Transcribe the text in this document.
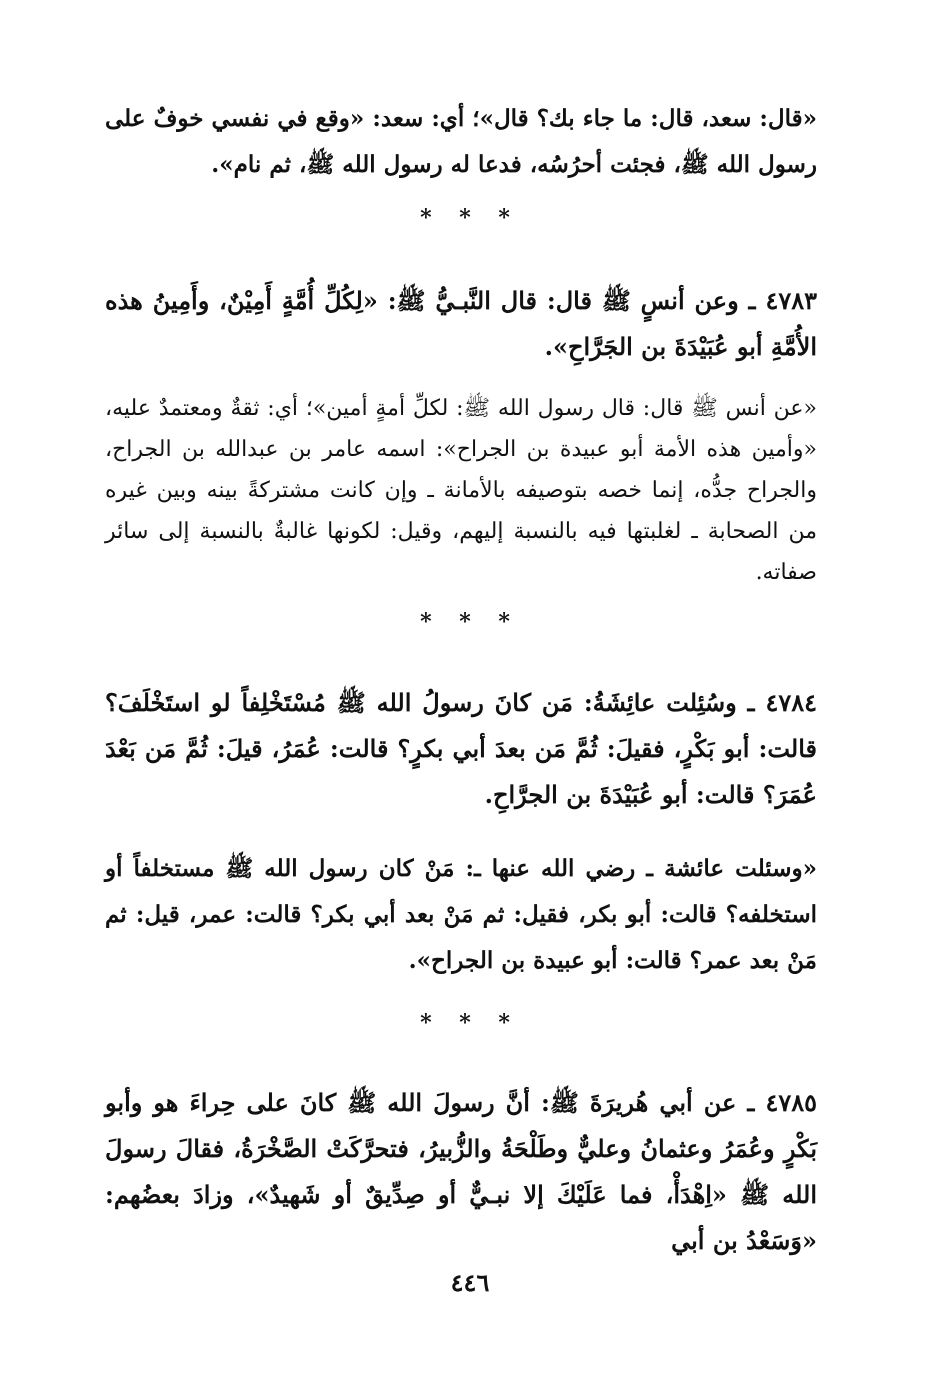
«قال: سعد، قال: ما جاء بك؟ قال»؛ أي: سعد: «وقع في نفسي خوفٌ على رسول الله ﷺ، فجئت أحرُسُه، فدعا له رسول الله ﷺ، ثم نام».
* * *
٤٧٨٣ ـ وعن أنسٍ ﷺ قال: قال النَّبـيُّ ﷺ: «لِكُلِّ أُمَّةٍ أَمِيْنٌ، وأَمِينُ هذه الأُمَّةِ أبو عُبَيْدَةَ بن الجَرَّاحِ».
«عن أنس ﷺ قال: قال رسول الله ﷺ: لكلِّ أمةٍ أمين»؛ أي: ثقةٌ ومعتمدٌ عليه، «وأمين هذه الأمة أبو عبيدة بن الجراح»: اسمه عامر بن عبدالله بن الجراح، والجراح جدُّه، إنما خصه بتوصيفه بالأمانة ـ وإن كانت مشتركةً بينه وبين غيره من الصحابة ـ لغلبتها فيه بالنسبة إليهم، وقيل: لكونها غالبةٌ بالنسبة إلى سائر صفاته.
* * *
٤٧٨٤ ـ وسُئِلت عائِشَةُ: مَن كانَ رسولُ الله ﷺ مُسْتَخْلِفاً لو استَخْلَفَ؟ قالت: أبو بَكْرٍ، فقيلَ: ثُمَّ مَن بعدَ أبي بكرٍ؟ قالت: عُمَرُ، قيلَ: ثُمَّ مَن بَعْدَ عُمَرَ؟ قالت: أبو عُبَيْدَةَ بن الجرَّاحِ.
«وسئلت عائشة ـ رضي الله عنها ـ: مَنْ كان رسول الله ﷺ مستخلفاً أو استخلفه؟ قالت: أبو بكر، فقيل: ثم مَنْ بعد أبي بكر؟ قالت: عمر، قيل: ثم مَنْ بعد عمر؟ قالت: أبو عبيدة بن الجراح».
* * *
٤٧٨٥ ـ عن أبي هُريرَةَ ﷺ: أنَّ رسولَ الله ﷺ كانَ على حِراءَ هو وأبو بَكْرٍ وعُمَرُ وعثمانُ وعليٌّ وطَلْحَةُ والزُّبيرُ، فتحرَّكَتْ الصَّخْرَةُ، فقالَ رسولَ الله ﷺ «اِهْدَأْ، فما عَلَيْكَ إلا نبـيٌّ أو صِدِّيقٌ أو شَهيدٌ»، وزادَ بعضُهم: «وَسَعْدُ بن أبي
٤٤٦
